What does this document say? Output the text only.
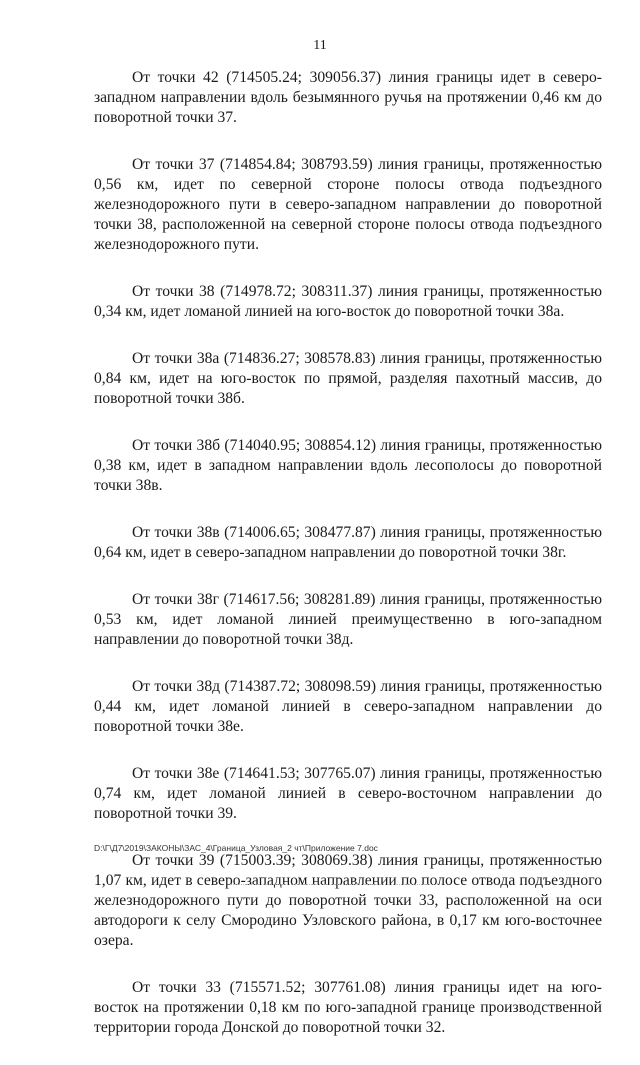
11

От точки 42 (714505.24; 309056.37) линия границы идет в северо-западном направлении вдоль безымянного ручья на протяжении 0,46 км до поворотной точки 37.

От точки 37 (714854.84; 308793.59) линия границы, протяженностью 0,56 км, идет по северной стороне полосы отвода подъездного железнодорожного пути в северо-западном направлении до поворотной точки 38, расположенной на северной стороне полосы отвода подъездного железнодорожного пути.

От точки 38 (714978.72; 308311.37) линия границы, протяженностью 0,34 км, идет ломаной линией на юго-восток до поворотной точки 38а.

От точки 38а (714836.27; 308578.83) линия границы, протяженностью 0,84 км, идет на юго-восток по прямой, разделяя пахотный массив, до поворотной точки 38б.

От точки 38б (714040.95; 308854.12) линия границы, протяженностью 0,38 км, идет в западном направлении вдоль лесополосы до поворотной точки 38в.

От точки 38в (714006.65; 308477.87) линия границы, протяженностью 0,64 км, идет в северо-западном направлении до поворотной точки 38г.

От точки 38г (714617.56; 308281.89) линия границы, протяженностью 0,53 км, идет ломаной линией преимущественно в юго-западном направлении до поворотной точки 38д.

От точки 38д (714387.72; 308098.59) линия границы, протяженностью 0,44 км, идет ломаной линией в северо-западном направлении до поворотной точки 38е.

От точки 38е (714641.53; 307765.07) линия границы, протяженностью 0,74 км, идет ломаной линией в северо-восточном направлении до поворотной точки 39.

От точки 39 (715003.39; 308069.38) линия границы, протяженностью 1,07 км, идет в северо-западном направлении по полосе отвода подъездного железнодорожного пути до поворотной точки 33, расположенной на оси автодороги к селу Смородино Узловского района, в 0,17 км юго-восточнее озера.

От точки 33 (715571.52; 307761.08) линия границы идет на юго-восток на протяжении 0,18 км по юго-западной границе производственной территории города Донской до поворотной точки 32.

D:\Г\Д7\2019\ЗАКОНЫ\ЗАС_4\Граница_Узловая_2 чт\Приложение 7.doc
